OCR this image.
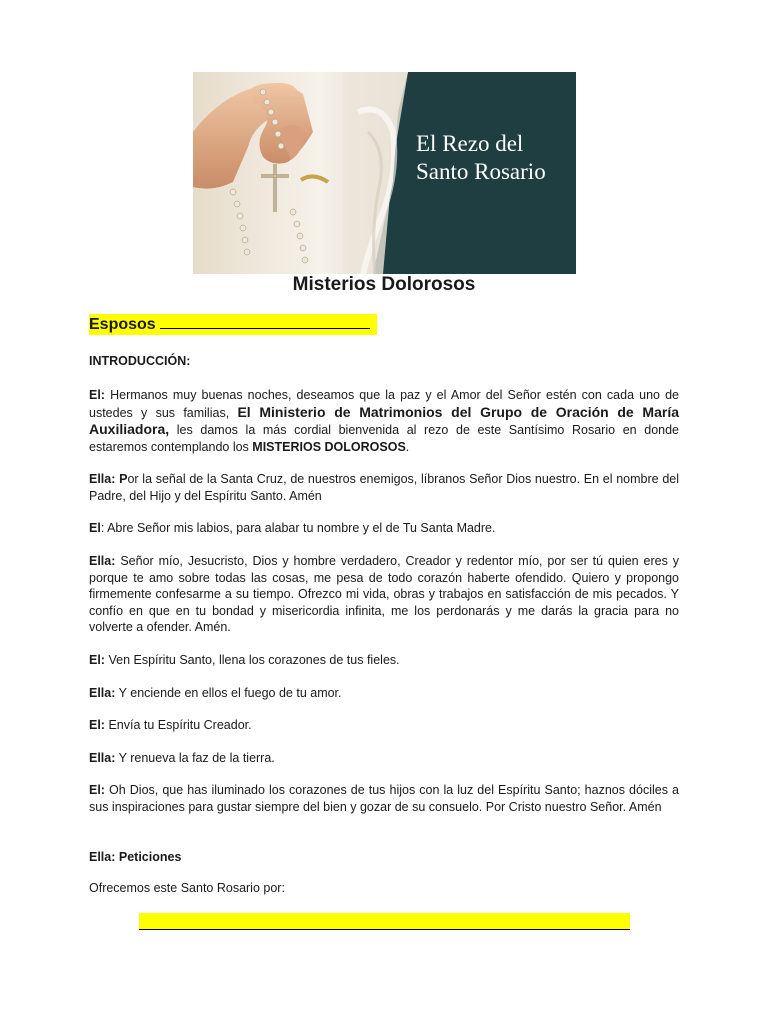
El Rezo del
Santo Rosario
Misterios Dolorosos
Esposos
INTRODUCCIÓN:
El: Hermanos muy buenas noches, deseamos que la paz y el Amor del Señor estén con cada uno de ustedes y sus familias, El Ministerio de Matrimonios del Grupo de Oración de María Auxiliadora, les damos la más cordial bienvenida al rezo de este Santísimo Rosario en donde estaremos contemplando los MISTERIOS DOLOROSOS.
Ella: Por la señal de la Santa Cruz, de nuestros enemigos, líbranos Señor Dios nuestro. En el nombre del Padre, del Hijo y del Espíritu Santo. Amén
El: Abre Señor mis labios, para alabar tu nombre y el de Tu Santa Madre.
Ella: Señor mío, Jesucristo, Dios y hombre verdadero, Creador y redentor mío, por ser tú quien eres y porque te amo sobre todas las cosas, me pesa de todo corazón haberte ofendido. Quiero y propongo firmemente confesarme a su tiempo. Ofrezco mi vida, obras y trabajos en satisfacción de mis pecados. Y confío en que en tu bondad y misericordia infinita, me los perdonarás y me darás la gracia para no volverte a ofender. Amén.
El: Ven Espíritu Santo, llena los corazones de tus fieles.
Ella: Y enciende en ellos el fuego de tu amor.
El: Envía tu Espíritu Creador.
Ella: Y renueva la faz de la tierra.
El: Oh Dios, que has iluminado los corazones de tus hijos con la luz del Espíritu Santo; haznos dóciles a sus inspiraciones para gustar siempre del bien y gozar de su consuelo. Por Cristo nuestro Señor. Amén
Ella: Peticiones
Ofrecemos este Santo Rosario por:
